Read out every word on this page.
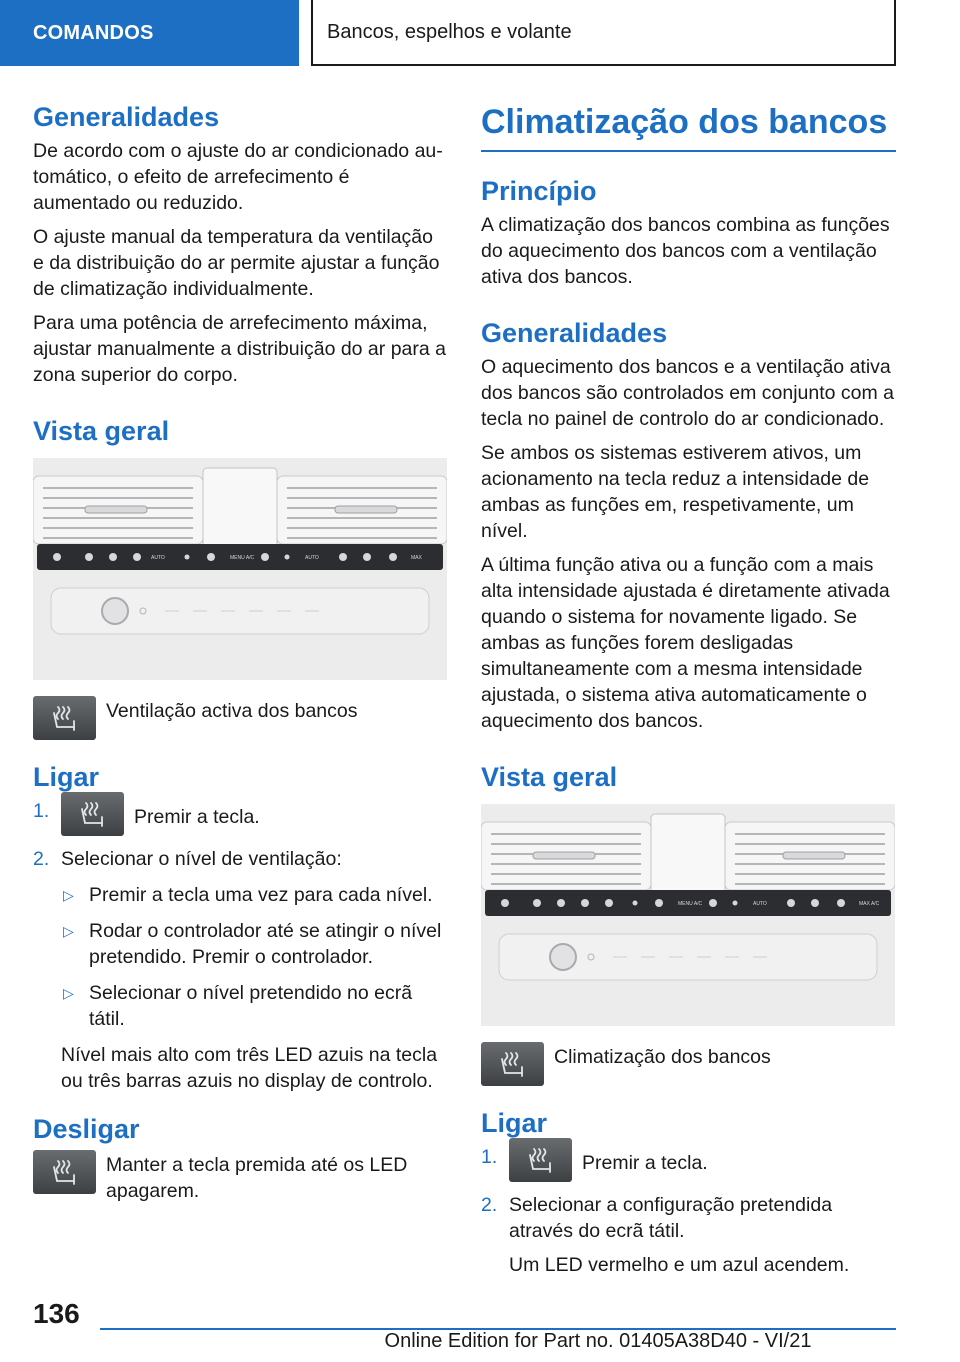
COMANDOS	Bancos, espelhos e volante
Generalidades

De acordo com o ajuste do ar condicionado automático, o efeito de arrefecimento é aumentado ou reduzido.

O ajuste manual da temperatura da ventilação e da distribuição do ar permite ajustar a função de climatização individualmente.

Para uma potência de arrefecimento máxima, ajustar manualmente a distribuição do ar para a zona superior do corpo.

Vista geral
AUTO	MENU A/C	AUTO	MAX
Ventilação activa dos bancos
Ligar
1.	Premir a tecla.
2. Selecionar o nível de ventilação:
▷ Premir a tecla uma vez para cada nível.
▷ Rodar o controlador até se atingir o nível pretendido. Premir o controlador.
▷ Selecionar o nível pretendido no ecrã tátil.
Nível mais alto com três LED azuis na tecla ou três barras azuis no display de controlo.
Desligar
Manter a tecla premida até os LED apagarem.
Climatização dos bancos
Princípio

A climatização dos bancos combina as funções do aquecimento dos bancos com a ventilação ativa dos bancos.

Generalidades

O aquecimento dos bancos e a ventilação ativa dos bancos são controlados em conjunto com a tecla no painel de controlo do ar condicionado.

Se ambos os sistemas estiverem ativos, um acionamento na tecla reduz a intensidade de ambas as funções em, respetivamente, um nível.

A última função ativa ou a função com a mais alta intensidade ajustada é diretamente ativada quando o sistema for novamente ligado. Se ambas as funções forem desligadas simultaneamente com a mesma intensidade ajustada, o sistema ativa automaticamente o aquecimento dos bancos.

Vista geral
MENU A/C	AUTO	MAX A/C
Climatização dos bancos
Ligar
1.	Premir a tecla.
2. Selecionar a configuração pretendida através do ecrã tátil.
Um LED vermelho e um azul acendem.
136
Online Edition for Part no. 01405A38D40 - VI/21
